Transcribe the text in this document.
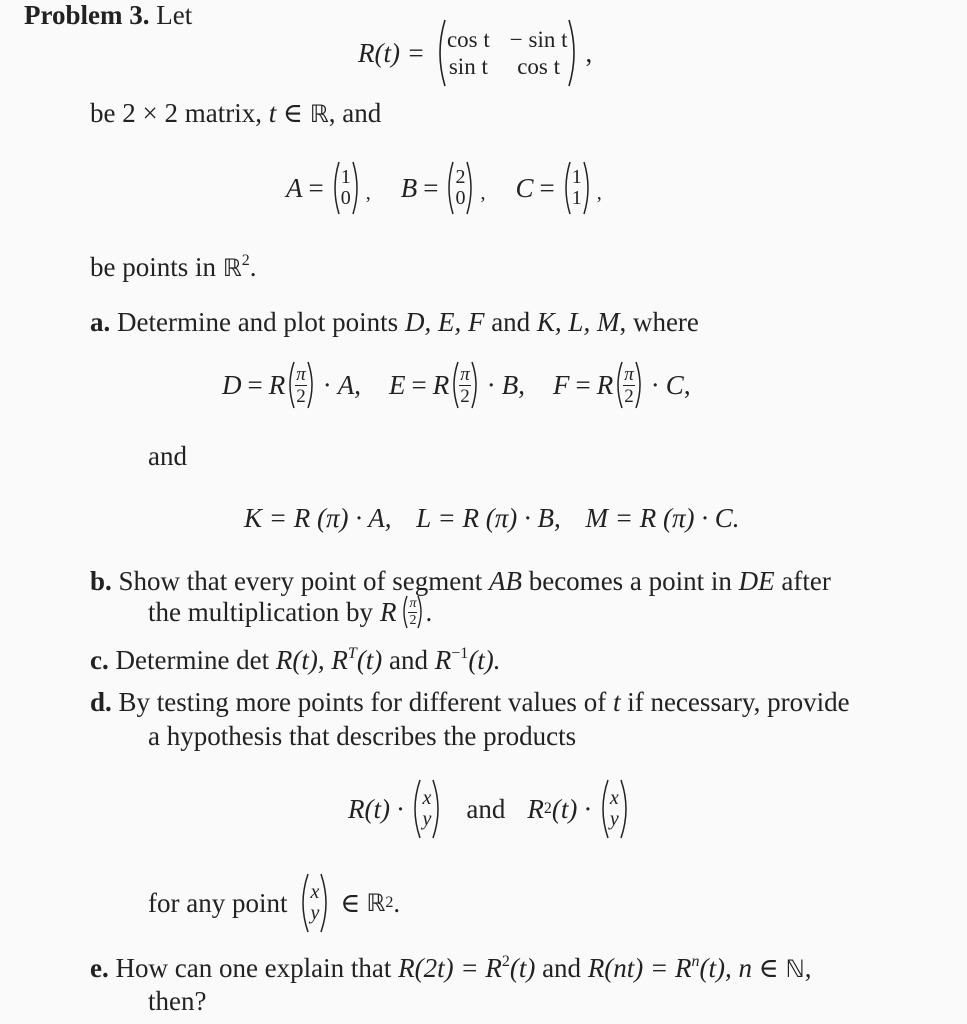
Problem 3. Let
R(t) = cos t − sin t
sin t	cos t ,
be 2 × 2 matrix, t ∈ ℝ, and
A = 1
0 , B = 2
0 , C = 1
1 ,
be points in ℝ$^2$.
a. Determine and plot points D, E, F and K, L, M, where
D = R $\frac{\pi}{2} \cdot A$ , E = R $\frac{\pi}{2} \cdot B$ , F = R $\frac{\pi}{2} \cdot C$ ,
and
K = R (π) · A, L = R (π) · B, M = R (π) · C.
b. Show that every point of segment AB becomes a point in DE after
the multiplication by R $\frac{\pi}{2}$ .
c. Determine det R(t), $R^T(t)$ and $R^{-1}(t)$.
d. By testing more points for different values of t if necessary, provide
a hypothesis that describes the products
R(t) · x
y and R 2 (t) · x
y
for any point x
y ∈ ℝ 2 .
e. How can one explain that $R(2t) = R^2(t)$ and $R(nt) = R^n(t)$, n ∈ ℕ,
then?
